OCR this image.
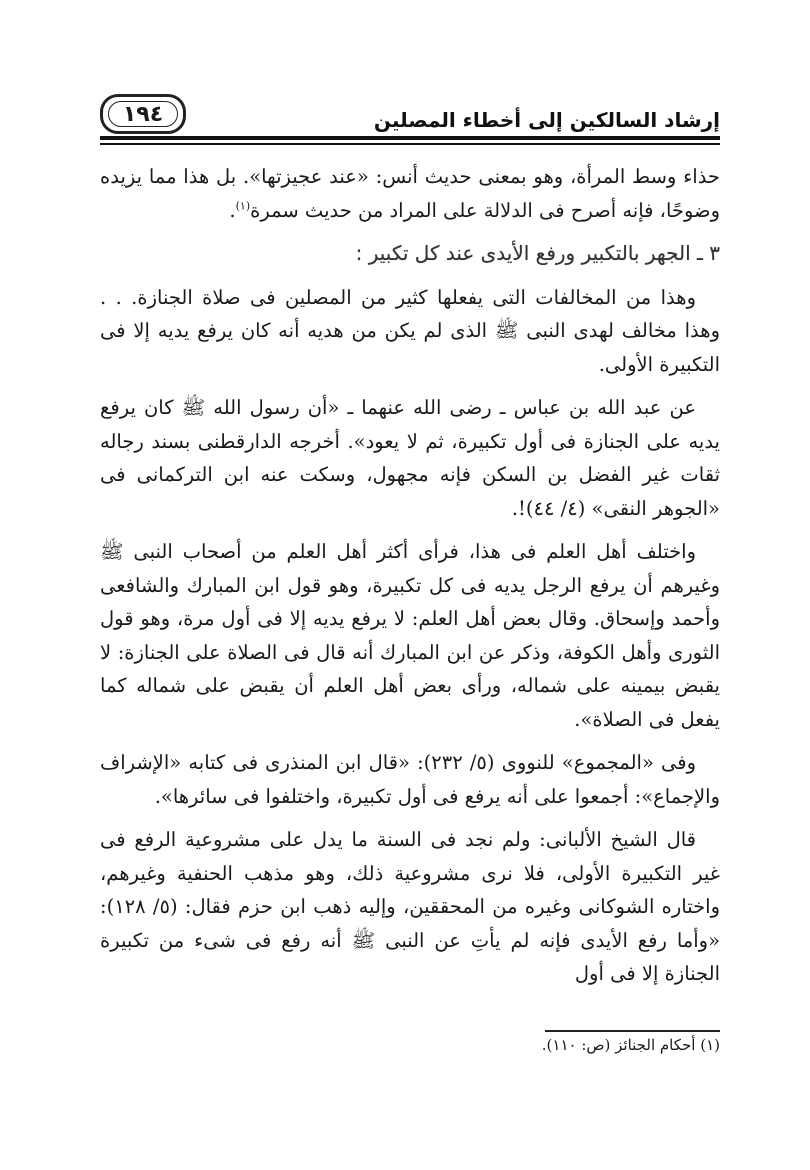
١٩٤	إرشاد السالكين إلى أخطاء المصلين

حذاء وسط المرأة، وهو بمعنى حديث أنس: «عند عجيزتها». بل هذا مما يزيده وضوحًا، فإنه أصرح فى الدلالة على المراد من حديث سمرة$^{(١)}$.

٣ ـ الجهر بالتكبير ورفع الأيدى عند كل تكبير :

وهذا من المخالفات التى يفعلها كثير من المصلين فى صلاة الجنازة. . . وهذا مخالف لهدى النبى ﷺ الذى لم يكن من هديه أنه كان يرفع يديه إلا فى التكبيرة الأولى.

عن عبد الله بن عباس ـ رضى الله عنهما ـ «أن رسول الله ﷺ كان يرفع يديه على الجنازة فى أول تكبيرة، ثم لا يعود». أخرجه الدارقطنى بسند رجاله ثقات غير الفضل بن السكن فإنه مجهول، وسكت عنه ابن التركمانى فى «الجوهر النقى» (٤/ ٤٤)!.

واختلف أهل العلم فى هذا، فرأى أكثر أهل العلم من أصحاب النبى ﷺ وغيرهم أن يرفع الرجل يديه فى كل تكبيرة، وهو قول ابن المبارك والشافعى وأحمد وإسحاق. وقال بعض أهل العلم: لا يرفع يديه إلا فى أول مرة، وهو قول الثورى وأهل الكوفة، وذكر عن ابن المبارك أنه قال فى الصلاة على الجنازة: لا يقبض بيمينه على شماله، ورأى بعض أهل العلم أن يقبض على شماله كما يفعل فى الصلاة».

وفى «المجموع» للنووى (٥/ ٢٣٢): «قال ابن المنذرى فى كتابه «الإشراف والإجماع»: أجمعوا على أنه يرفع فى أول تكبيرة، واختلفوا فى سائرها».

قال الشيخ الألبانى: ولم نجد فى السنة ما يدل على مشروعية الرفع فى غير التكبيرة الأولى، فلا نرى مشروعية ذلك، وهو مذهب الحنفية وغيرهم، واختاره الشوكانى وغيره من المحققين، وإليه ذهب ابن حزم فقال: (٥/ ١٢٨): «وأما رفع الأيدى فإنه لم يأتِ عن النبى ﷺ أنه رفع فى شىء من تكبيرة الجنازة إلا فى أول

(١) أحكام الجنائز (ص: ١١٠).
